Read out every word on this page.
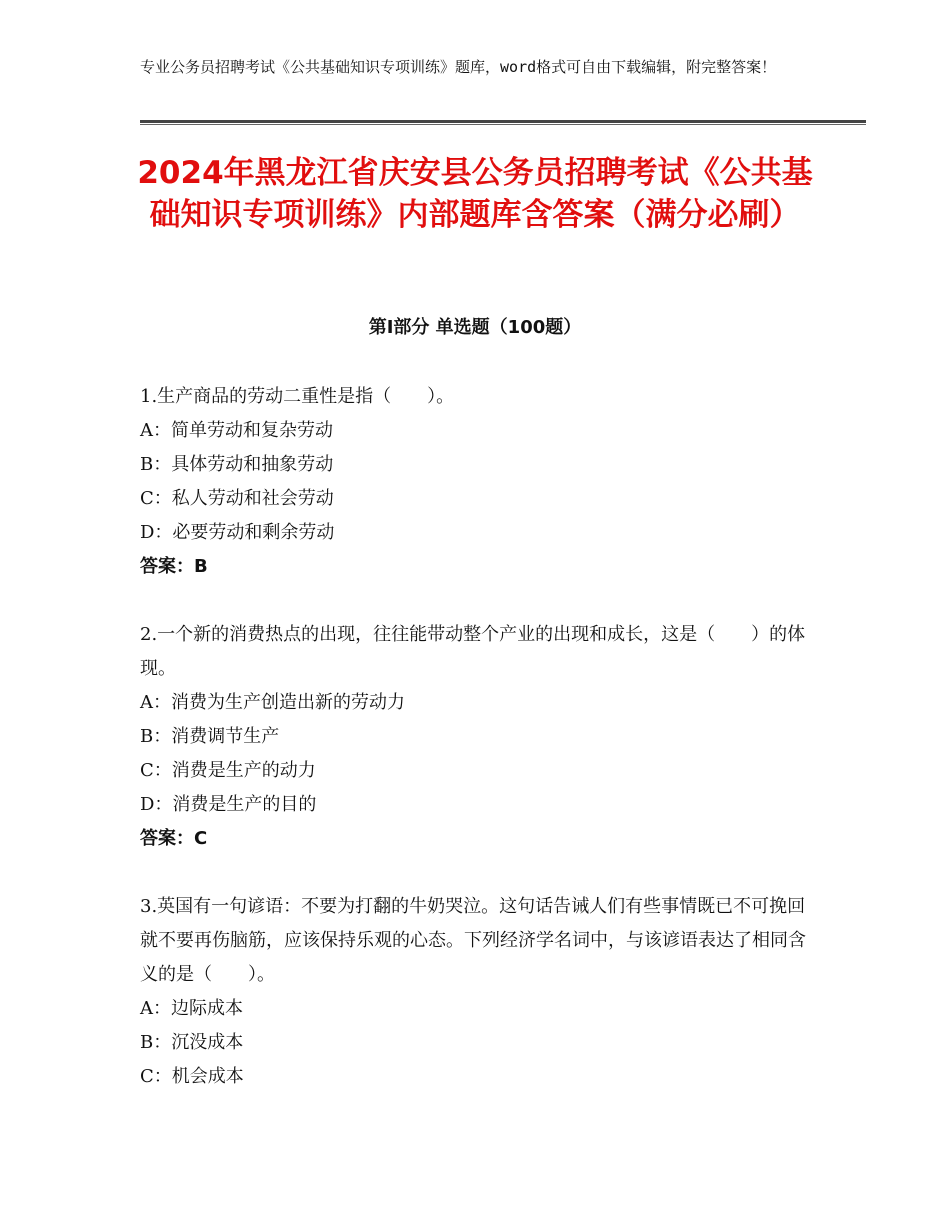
专业公务员招聘考试《公共基础知识专项训练》题库，word格式可自由下载编辑，附完整答案！
2024年黑龙江省庆安县公务员招聘考试《公共基础知识专项训练》内部题库含答案（满分必刷）
第Ⅰ部分 单选题（100题）
1.生产商品的劳动二重性是指（　　）。
A：简单劳动和复杂劳动
B：具体劳动和抽象劳动
C：私人劳动和社会劳动
D：必要劳动和剩余劳动
答案：B
2.一个新的消费热点的出现，往往能带动整个产业的出现和成长，这是（　　）的体现。
A：消费为生产创造出新的劳动力
B：消费调节生产
C：消费是生产的动力
D：消费是生产的目的
答案：C
3.英国有一句谚语：不要为打翻的牛奶哭泣。这句话告诫人们有些事情既已不可挽回就不要再伤脑筋，应该保持乐观的心态。下列经济学名词中，与该谚语表达了相同含义的是（　　）。
A：边际成本
B：沉没成本
C：机会成本
